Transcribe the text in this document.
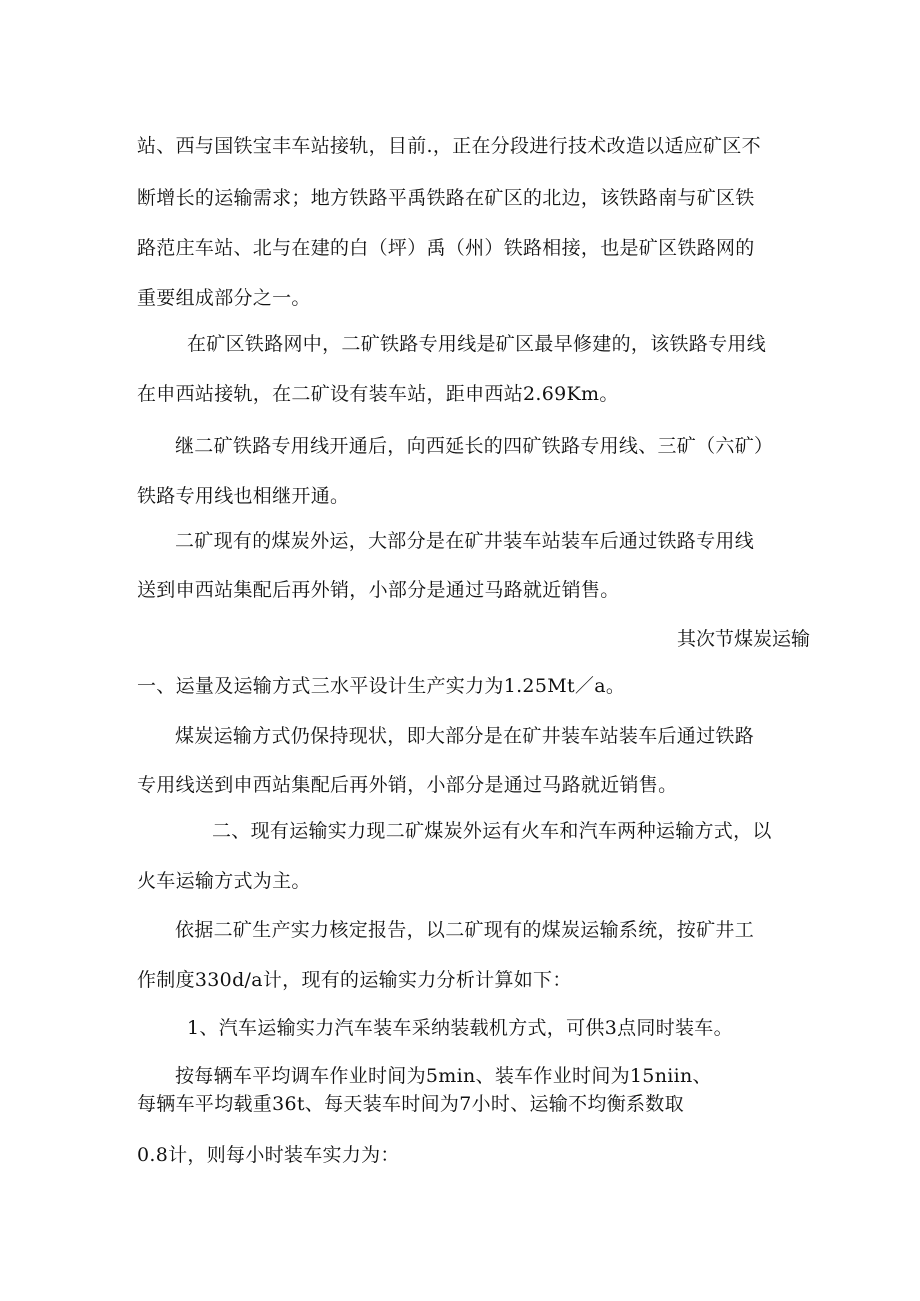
站、西与国铁宝丰车站接轨，目前.，正在分段进行技术改造以适应矿区不
断增长的运输需求；地方铁路平禹铁路在矿区的北边，该铁路南与矿区铁
路范庄车站、北与在建的白（坪）禹（州）铁路相接，也是矿区铁路网的
重要组成部分之一。
在矿区铁路网中，二矿铁路专用线是矿区最早修建的，该铁路专用线
在申西站接轨，在二矿设有装车站，距申西站2.69Km。
继二矿铁路专用线开通后，向西延长的四矿铁路专用线、三矿（六矿）
铁路专用线也相继开通。
二矿现有的煤炭外运，大部分是在矿井装车站装车后通过铁路专用线
送到申西站集配后再外销，小部分是通过马路就近销售。
其次节煤炭运输
一、运量及运输方式三水平设计生产实力为1.25Mt／a。
煤炭运输方式仍保持现状，即大部分是在矿井装车站装车后通过铁路
专用线送到申西站集配后再外销，小部分是通过马路就近销售。
二、现有运输实力现二矿煤炭外运有火车和汽车两种运输方式，以
火车运输方式为主。
依据二矿生产实力核定报告，以二矿现有的煤炭运输系统，按矿井工
作制度330d/a计，现有的运输实力分析计算如下：
1、汽车运输实力汽车装车采纳装载机方式，可供3点同时装车。
按每辆车平均调车作业时间为5min、装车作业时间为15niin、
每辆车平均载重36t、每天装车时间为7小时、运输不均衡系数取
0.8计，则每小时装车实力为：
